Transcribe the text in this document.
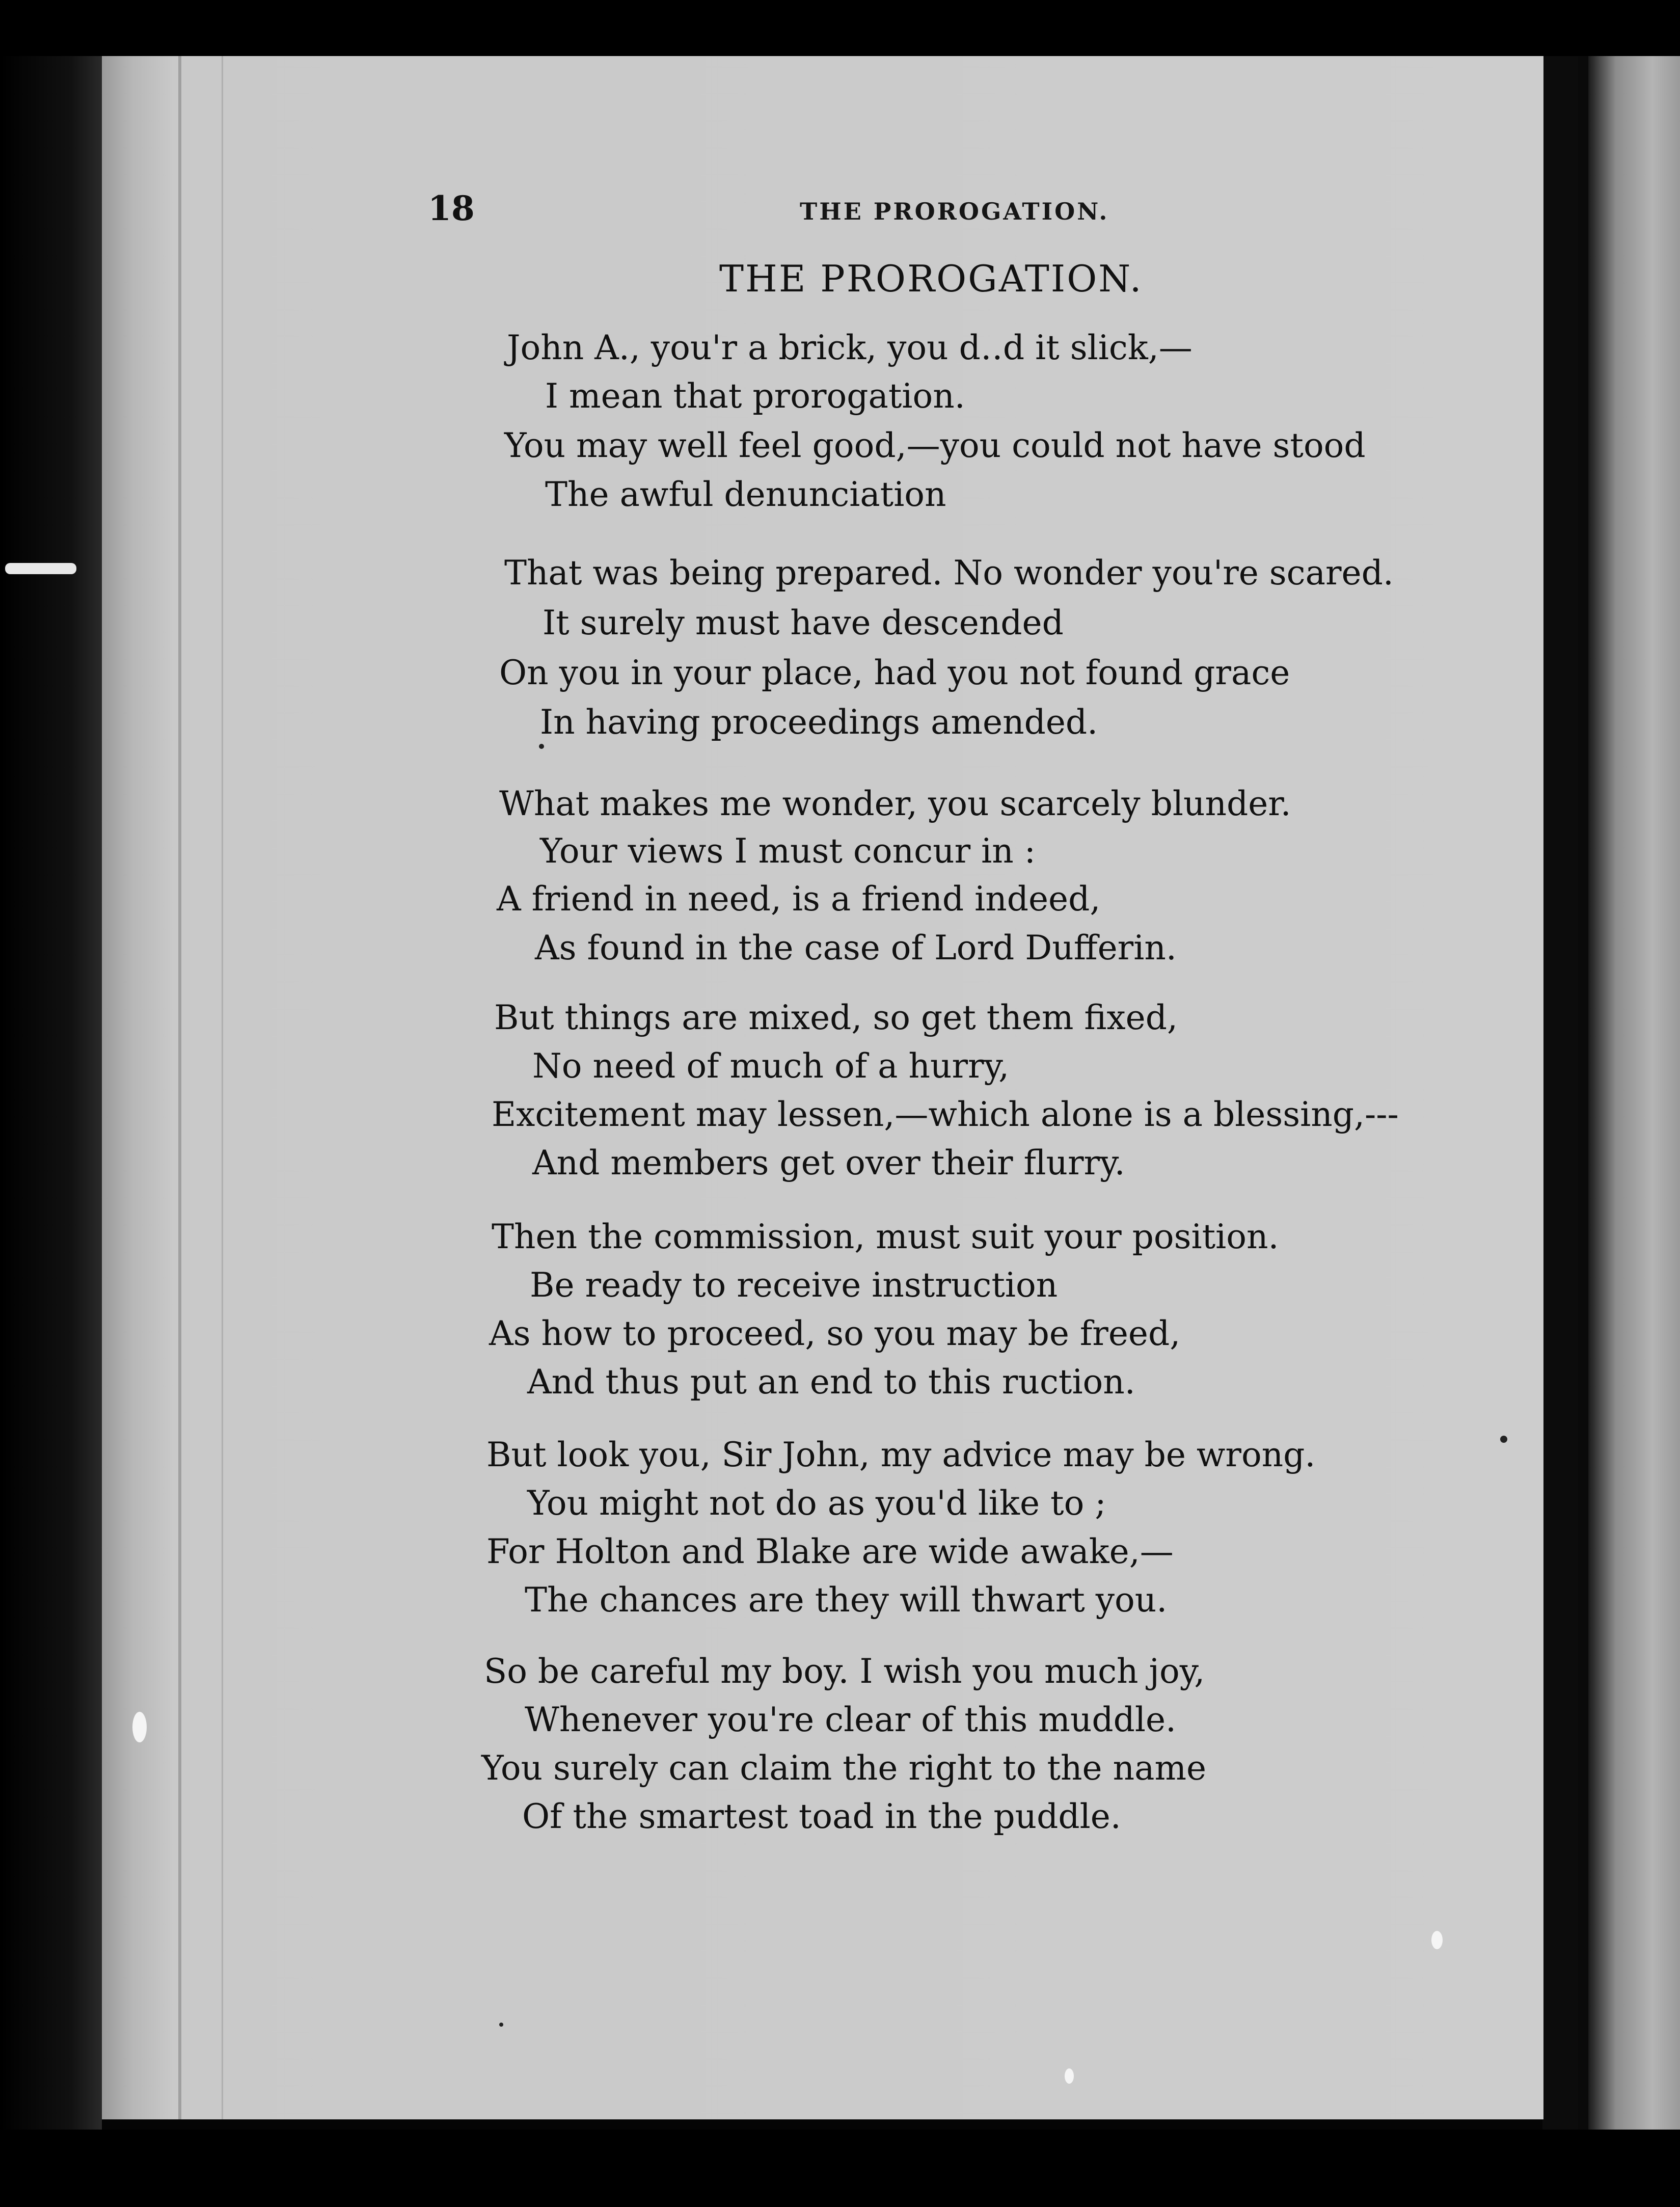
18	THE PROROGATION.
THE PROROGATION.
John A., you'r a brick, you d‥d it slick,—
I mean that prorogation.
You may well feel good,—you could not have stood
The awful denunciation
That was being prepared. No wonder you're scared.
It surely must have descended
On you in your place, had you not found grace
In having proceedings amended.
What makes me wonder, you scarcely blunder.
Your views I must concur in :
A friend in need, is a friend indeed,
As found in the case of Lord Dufferin.
But things are mixed, so get them fixed,
No need of much of a hurry,
Excitement may lessen,—which alone is a blessing,---
And members get over their flurry.
Then the commission, must suit your position.
Be ready to receive instruction
As how to proceed, so you may be freed,
And thus put an end to this ruction.
But look you, Sir John, my advice may be wrong.
You might not do as you'd like to ;
For Holton and Blake are wide awake,—
The chances are they will thwart you.
So be careful my boy. I wish you much joy,
Whenever you're clear of this muddle.
You surely can claim the right to the name
Of the smartest toad in the puddle.
